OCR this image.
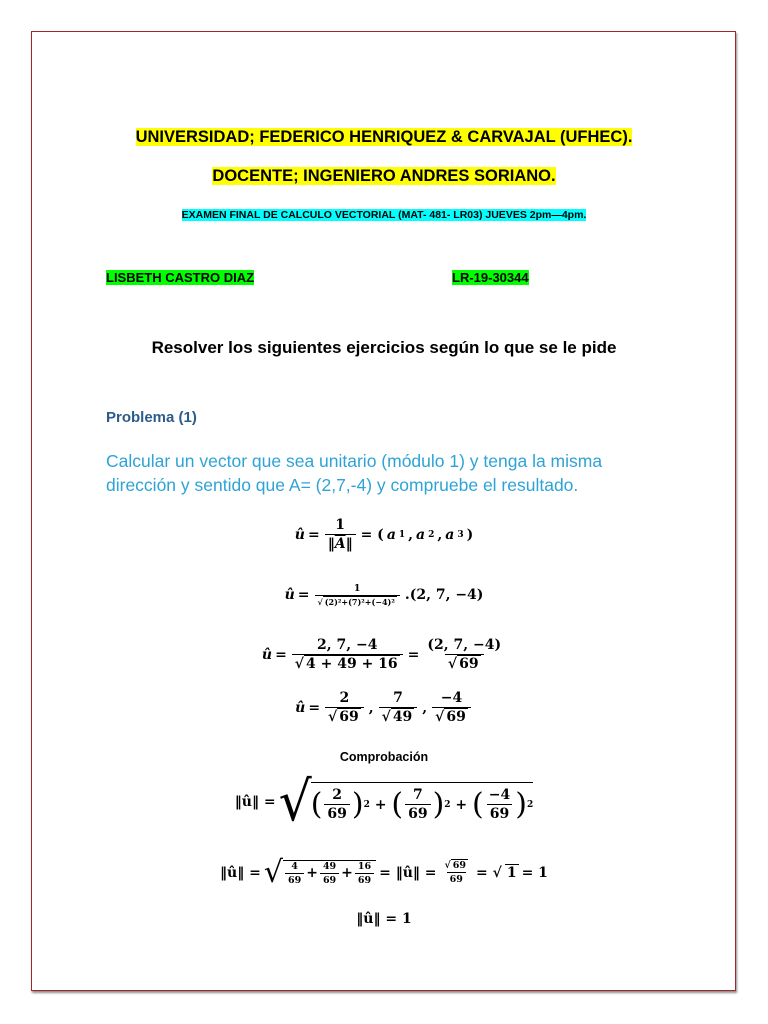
UNIVERSIDAD; FEDERICO HENRIQUEZ & CARVAJAL (UFHEC).
DOCENTE; INGENIERO ANDRES SORIANO.
EXAMEN FINAL DE CALCULO VECTORIAL (MAT- 481- LR03) JUEVES 2pm—4pm.
LISBETH CASTRO DIAZ	LR-19-30344
Resolver los siguientes ejercicios según lo que se le pide
Problema (1)
Calcular un vector que sea unitario (módulo 1) y tenga la misma dirección y sentido que A= (2,7,-4) y compruebe el resultado.
û = $\frac{1}{‖\overline{A}‖}$ = ( a 1 , a 2 , a 3 )
û = $\frac{1}{\text{√ (2)²+(7)²+(−4)²}} .(2$, 7, −4)
û = $\frac{2, 7, -4}{√ 4 + 49 + 16} = \frac{(2, 7, -4)}{√ 69}$
û = $\frac{2}{√ 69}$ , $\frac{7}{√ 49}$ , $\frac{-4}{√ 69}$
Comprobación
‖û‖ = √ ( $\frac{2}{69}$ ) 2 + ( $\frac{7}{69}$ ) 2 + ( $\frac{-4}{69}$ ) 2
‖û‖ = √ $\frac{4}{69} + \frac{49}{69} + \frac{16}{69}$ = ‖û‖ = $\frac{√ 69}{69}$ = √ 1 = 1
‖û‖ = 1
